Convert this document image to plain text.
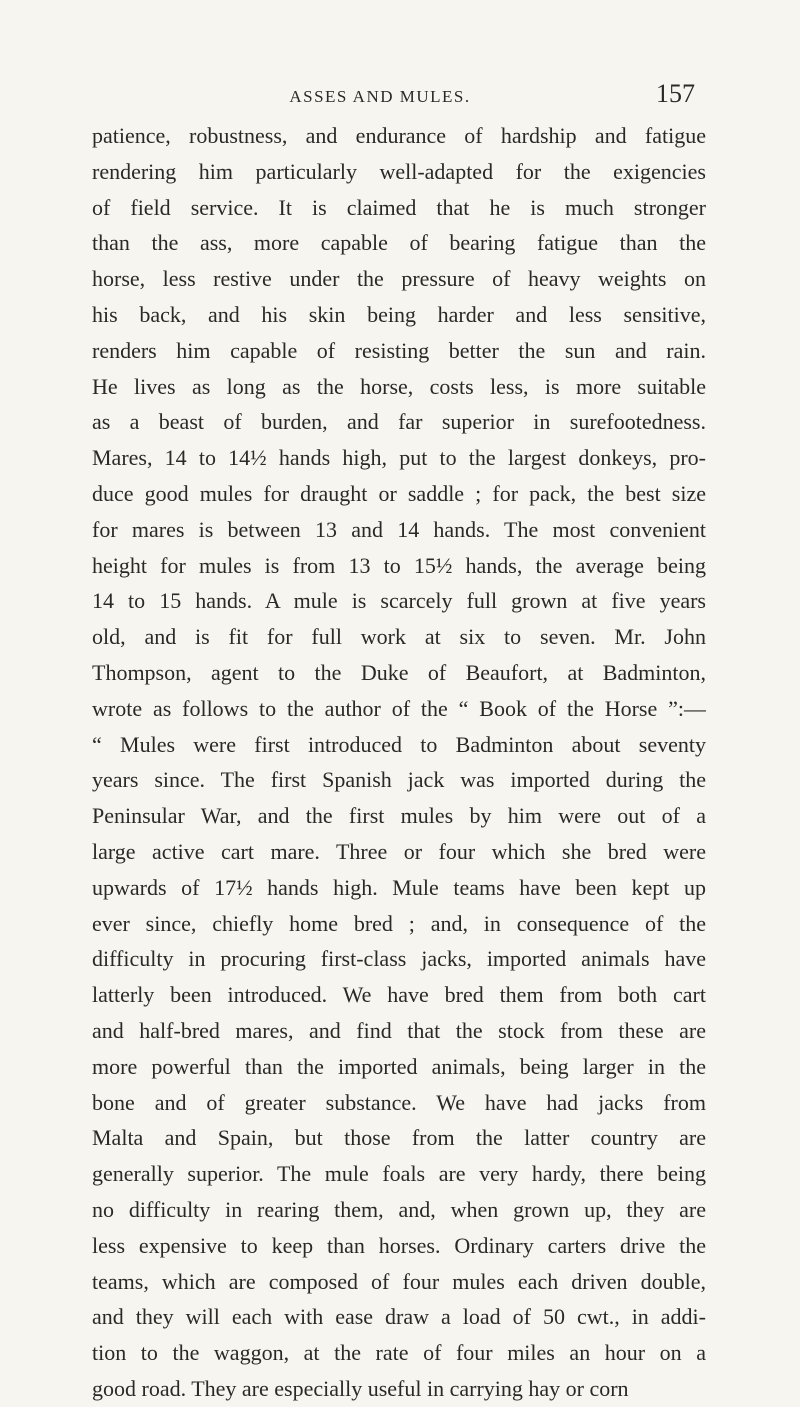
ASSES AND MULES.	157
patience, robustness, and endurance of hardship and fatigue
rendering him particularly well-adapted for the exigencies
of field service. It is claimed that he is much stronger
than the ass, more capable of bearing fatigue than the
horse, less restive under the pressure of heavy weights on
his back, and his skin being harder and less sensitive,
renders him capable of resisting better the sun and rain.
He lives as long as the horse, costs less, is more suitable
as a beast of burden, and far superior in surefootedness.
Mares, 14 to 14½ hands high, put to the largest donkeys, pro-
duce good mules for draught or saddle ; for pack, the best size
for mares is between 13 and 14 hands. The most convenient
height for mules is from 13 to 15½ hands, the average being
14 to 15 hands. A mule is scarcely full grown at five years
old, and is fit for full work at six to seven. Mr. John
Thompson, agent to the Duke of Beaufort, at Badminton,
wrote as follows to the author of the “ Book of the Horse ”:—
“ Mules were first introduced to Badminton about seventy
years since. The first Spanish jack was imported during the
Peninsular War, and the first mules by him were out of a
large active cart mare. Three or four which she bred were
upwards of 17½ hands high. Mule teams have been kept up
ever since, chiefly home bred ; and, in consequence of the
difficulty in procuring first-class jacks, imported animals have
latterly been introduced. We have bred them from both cart
and half-bred mares, and find that the stock from these are
more powerful than the imported animals, being larger in the
bone and of greater substance. We have had jacks from
Malta and Spain, but those from the latter country are
generally superior. The mule foals are very hardy, there being
no difficulty in rearing them, and, when grown up, they are
less expensive to keep than horses. Ordinary carters drive the
teams, which are composed of four mules each driven double,
and they will each with ease draw a load of 50 cwt., in addi-
tion to the waggon, at the rate of four miles an hour on a
good road. They are especially useful in carrying hay or corn
